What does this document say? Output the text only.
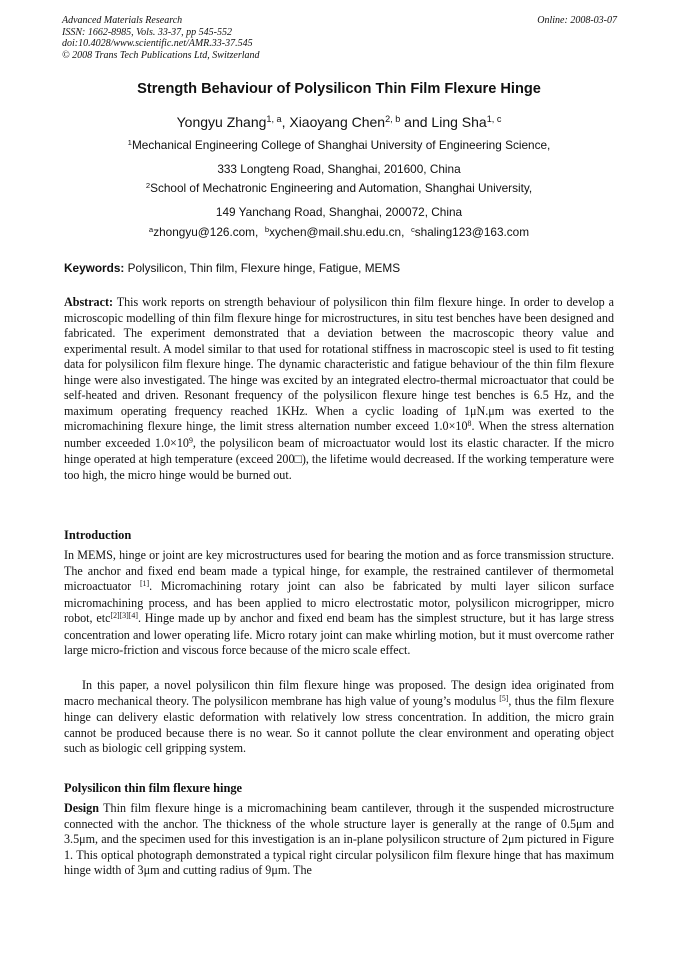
Advanced Materials Research
ISSN: 1662-8985, Vols. 33-37, pp 545-552
doi:10.4028/www.scientific.net/AMR.33-37.545
© 2008 Trans Tech Publications Ltd, Switzerland
Online: 2008-03-07
Strength Behaviour of Polysilicon Thin Film Flexure Hinge
Yongyu Zhang$^{1, a}$, Xiaoyang Chen$^{2, b}$ and Ling Sha$^{1, c}$
$^1$Mechanical Engineering College of Shanghai University of Engineering Science,
333 Longteng Road, Shanghai, 201600, China
$^2$School of Mechatronic Engineering and Automation, Shanghai University,
149 Yanchang Road, Shanghai, 200072, China
$^a$zhongyu@126.com,  $^b$xychen@mail.shu.edu.cn,  $^c$shaling123@163.com
Keywords: Polysilicon, Thin film, Flexure hinge, Fatigue, MEMS
Abstract: This work reports on strength behaviour of polysilicon thin film flexure hinge. In order to develop a microscopic modelling of thin film flexure hinge for microstructures, in situ test benches have been designed and fabricated. The experiment demonstrated that a deviation between the macroscopic theory value and experimental result. A model similar to that used for rotational stiffness in macroscopic steel is used to fit testing data for polysilicon film flexure hinge. The dynamic characteristic and fatigue behaviour of the thin film flexure hinge were also investigated. The hinge was excited by an integrated electro-thermal microactuator that could be self-heated and driven. Resonant frequency of the polysilicon flexure hinge test benches is 6.5 Hz, and the maximum operating frequency reached 1KHz. When a cyclic loading of 1μN.μm was exerted to the micromachining flexure hinge, the limit stress alternation number exceed $1.0\times 10^8$. When the stress alternation number exceeded $1.0\times 10^9$, the polysilicon beam of microactuator would lost its elastic character. If the micro hinge operated at high temperature (exceed 200□), the lifetime would decreased. If the working temperature were too high, the micro hinge would be burned out.
Introduction
In MEMS, hinge or joint are key microstructures used for bearing the motion and as force transmission structure. The anchor and fixed end beam made a typical hinge, for example, the restrained cantilever of thermometal microactuator [1]. Micromachining rotary joint can also be fabricated by multi layer silicon surface micromachining process, and has been applied to micro electrostatic motor, polysilicon microgripper, micro robot, etc[2][3][4]. Hinge made up by anchor and fixed end beam has the simplest structure, but it has large stress concentration and lower operating life. Micro rotary joint can make whirling motion, but it must overcome rather large micro-friction and viscous force because of the micro scale effect.
In this paper, a novel polysilicon thin film flexure hinge was proposed. The design idea originated from macro mechanical theory. The polysilicon membrane has high value of young’s modulus [5], thus the film flexure hinge can delivery elastic deformation with relatively low stress concentration. In addition, the micro grain cannot be produced because there is no wear. So it cannot pollute the clear environment and operating object such as biologic cell gripping system.
Polysilicon thin film flexure hinge
Design Thin film flexure hinge is a micromachining beam cantilever, through it the suspended microstructure connected with the anchor. The thickness of the whole structure layer is generally at the range of 0.5μm and 3.5μm, and the specimen used for this investigation is an in-plane polysilicon structure of 2μm pictured in Figure 1. This optical photograph demonstrated a typical right circular polysilicon film flexure hinge that has maximum hinge width of 3μm and cutting radius of 9μm. The
